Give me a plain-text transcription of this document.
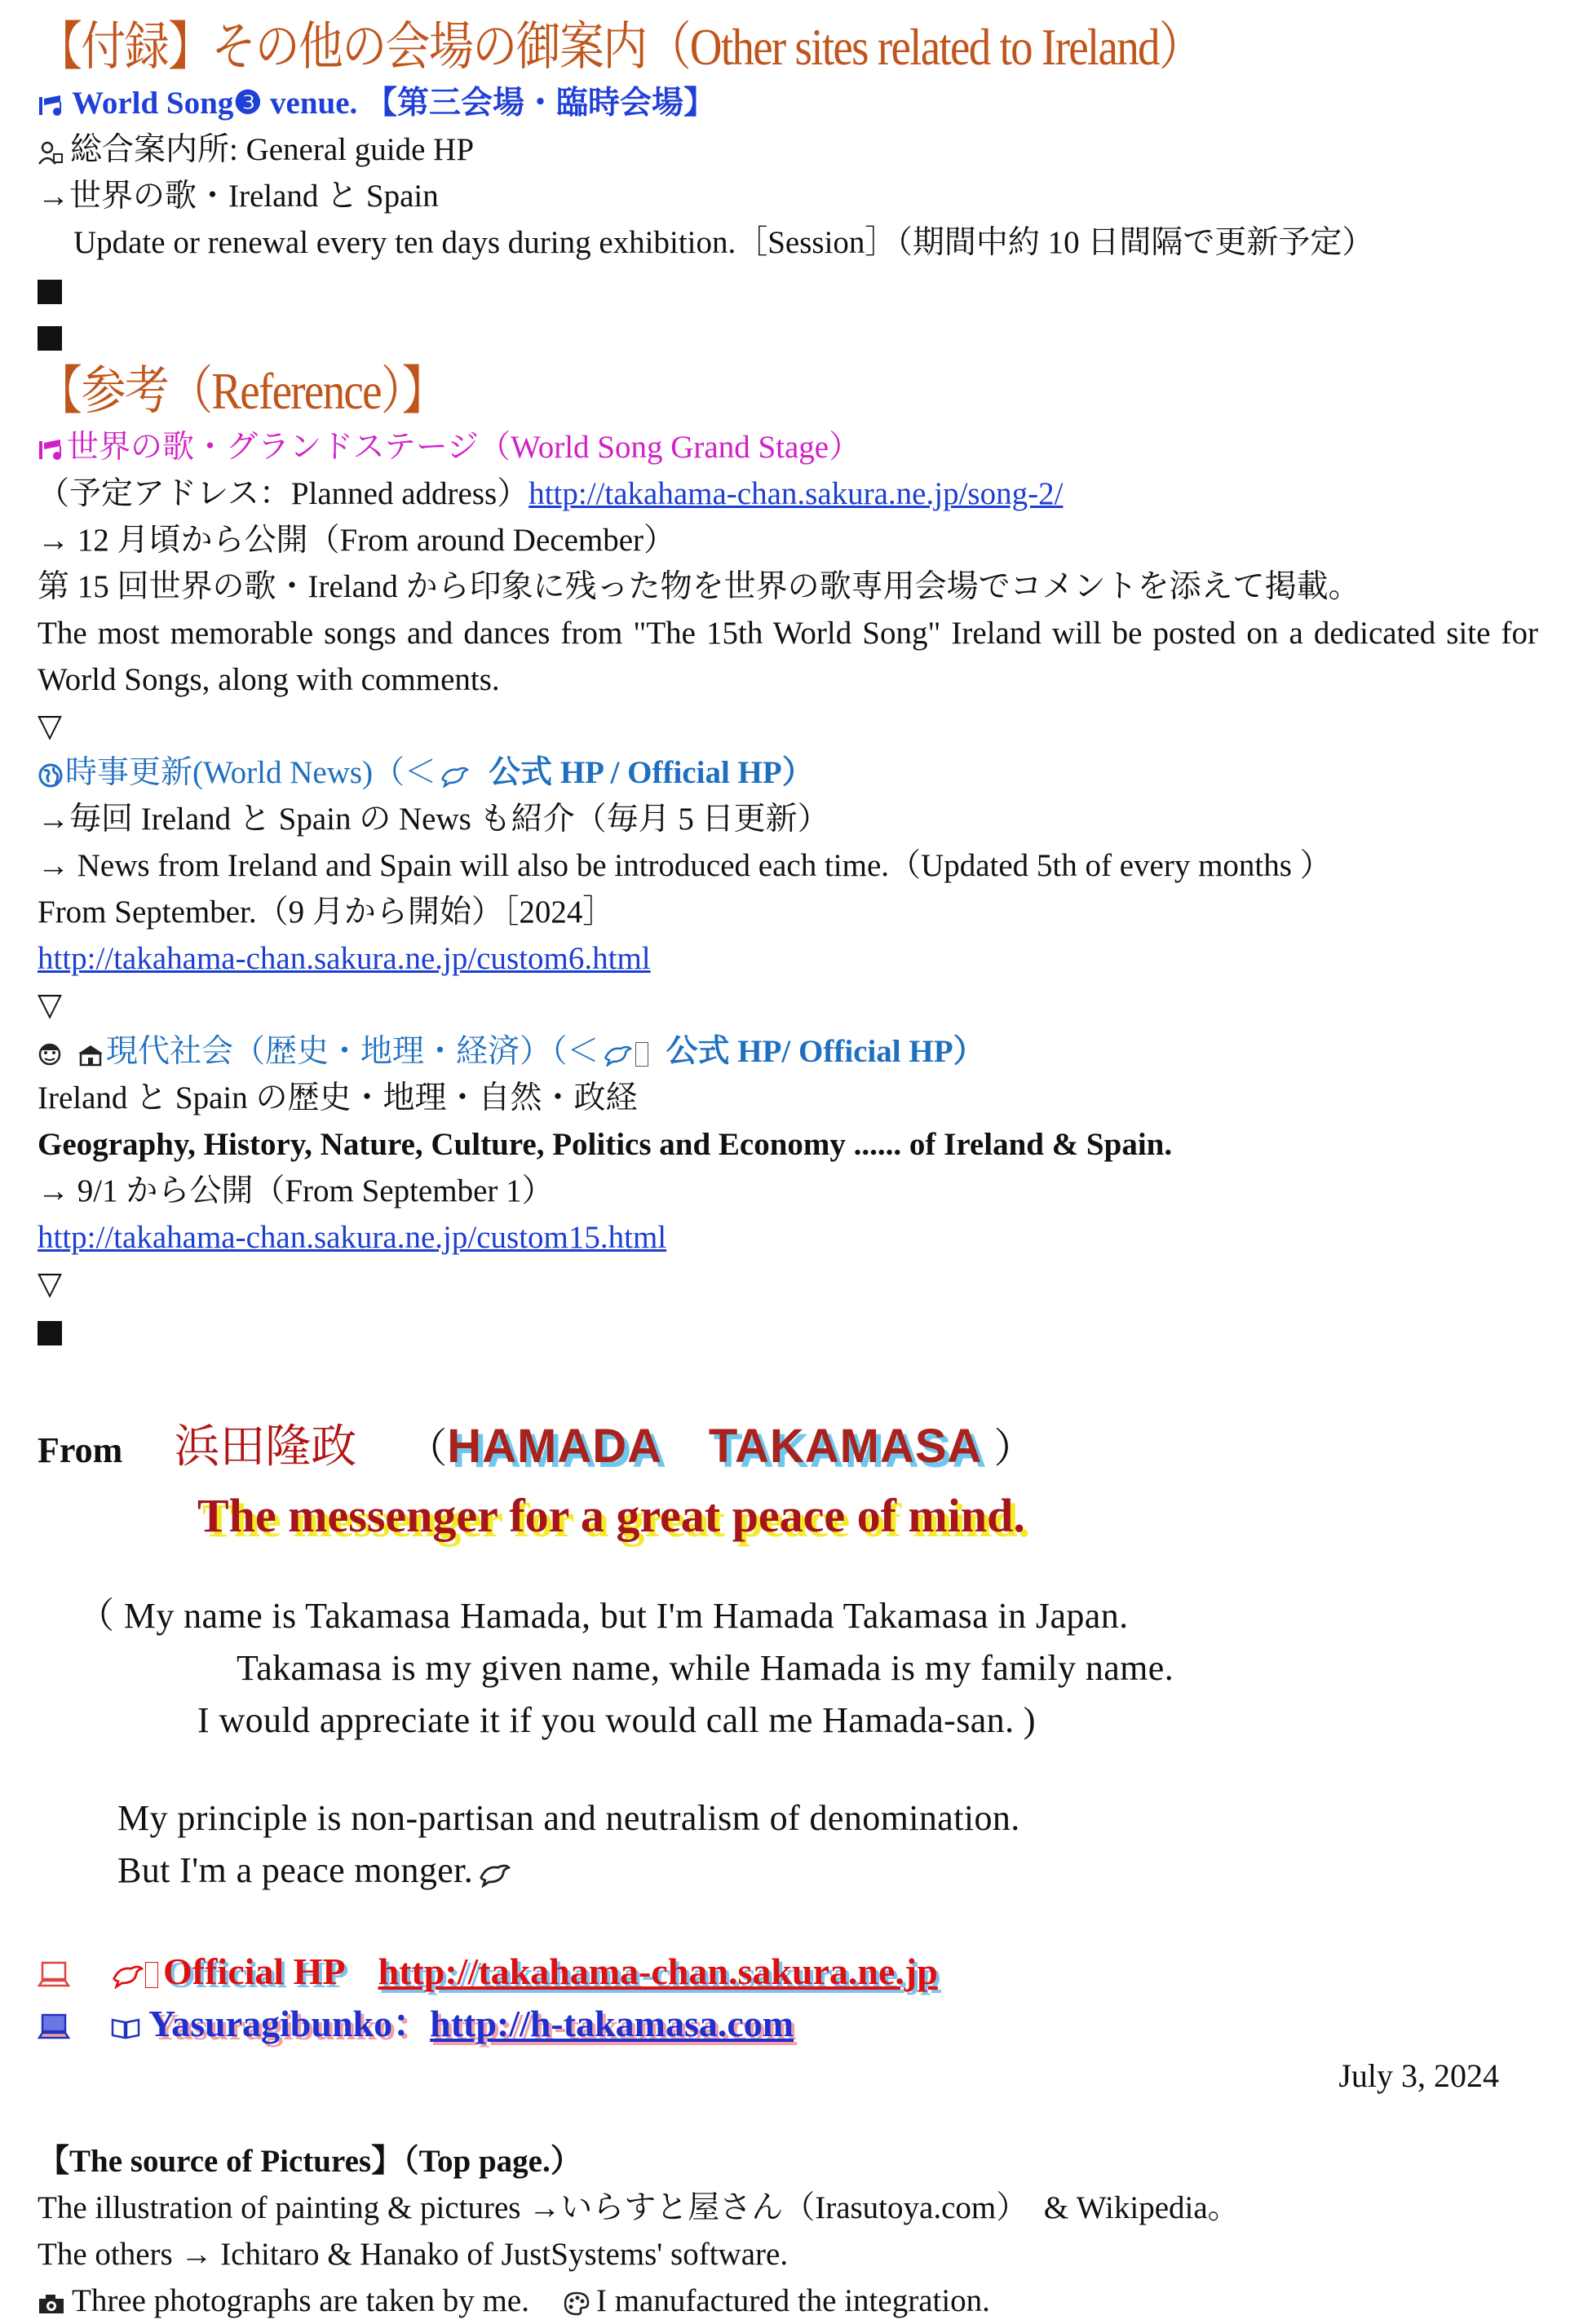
【付録】その他の会場の御案内（Other sites related to Ireland）
World Song❸ venue. 【第三会場・臨時会場】
総合案内所: General guide HP
→世界の歌・Ireland と Spain
Update or renewal every ten days during exhibition.［Session］（期間中約 10 日間隔で更新予定）
【参考（Reference）】
世界の歌・グランドステージ（World Song Grand Stage）
（予定アドレス：Planned address）http://takahama-chan.sakura.ne.jp/song-2/
→ 12 月頃から公開（From around December）
第 15 回世界の歌・Ireland から印象に残った物を世界の歌専用会場でコメントを添えて掲載。
The most memorable songs and dances from "The 15th World Song" Ireland will be posted on a dedicated site for World Songs, along with comments.
▽
時事更新(World News)（＜ 公式 HP / Official HP）
→毎回 Ireland と Spain の News も紹介（毎月 5 日更新）
→ News from Ireland and Spain will also be introduced each time.（Updated 5th of every months ）
From September.（9 月から開始）［2024］
http://takahama-chan.sakura.ne.jp/custom6.html
▽
現代社会（歴史・地理・経済）（＜ 公式 HP/ Official HP）
Ireland と Spain の歴史・地理・自然・政経
Geography, History, Nature, Culture, Politics and Economy ...... of Ireland & Spain.
→ 9/1 から公開（From September 1）
http://takahama-chan.sakura.ne.jp/custom15.html
▽
From 浜田隆政 （HAMADA　TAKAMASA ）
The messenger for a great peace of mind.
（ My name is Takamasa Hamada, but I'm Hamada Takamasa in Japan.
Takamasa is my given name, while Hamada is my family name.
I would appreciate it if you would call me Hamada-san. )
My principle is non-partisan and neutralism of denomination.
But I'm a peace monger.
Official HP http://takahama-chan.sakura.ne.jp
Yasuragibunko：http://h-takamasa.com
July 3, 2024
【The source of Pictures】（Top page.）
The illustration of painting & pictures →いらすと屋さん（Irasutoya.com）　& Wikipedia。
The others → Ichitaro & Hanako of JustSystems' software.
Three photographs are taken by me. I manufactured the integration.
